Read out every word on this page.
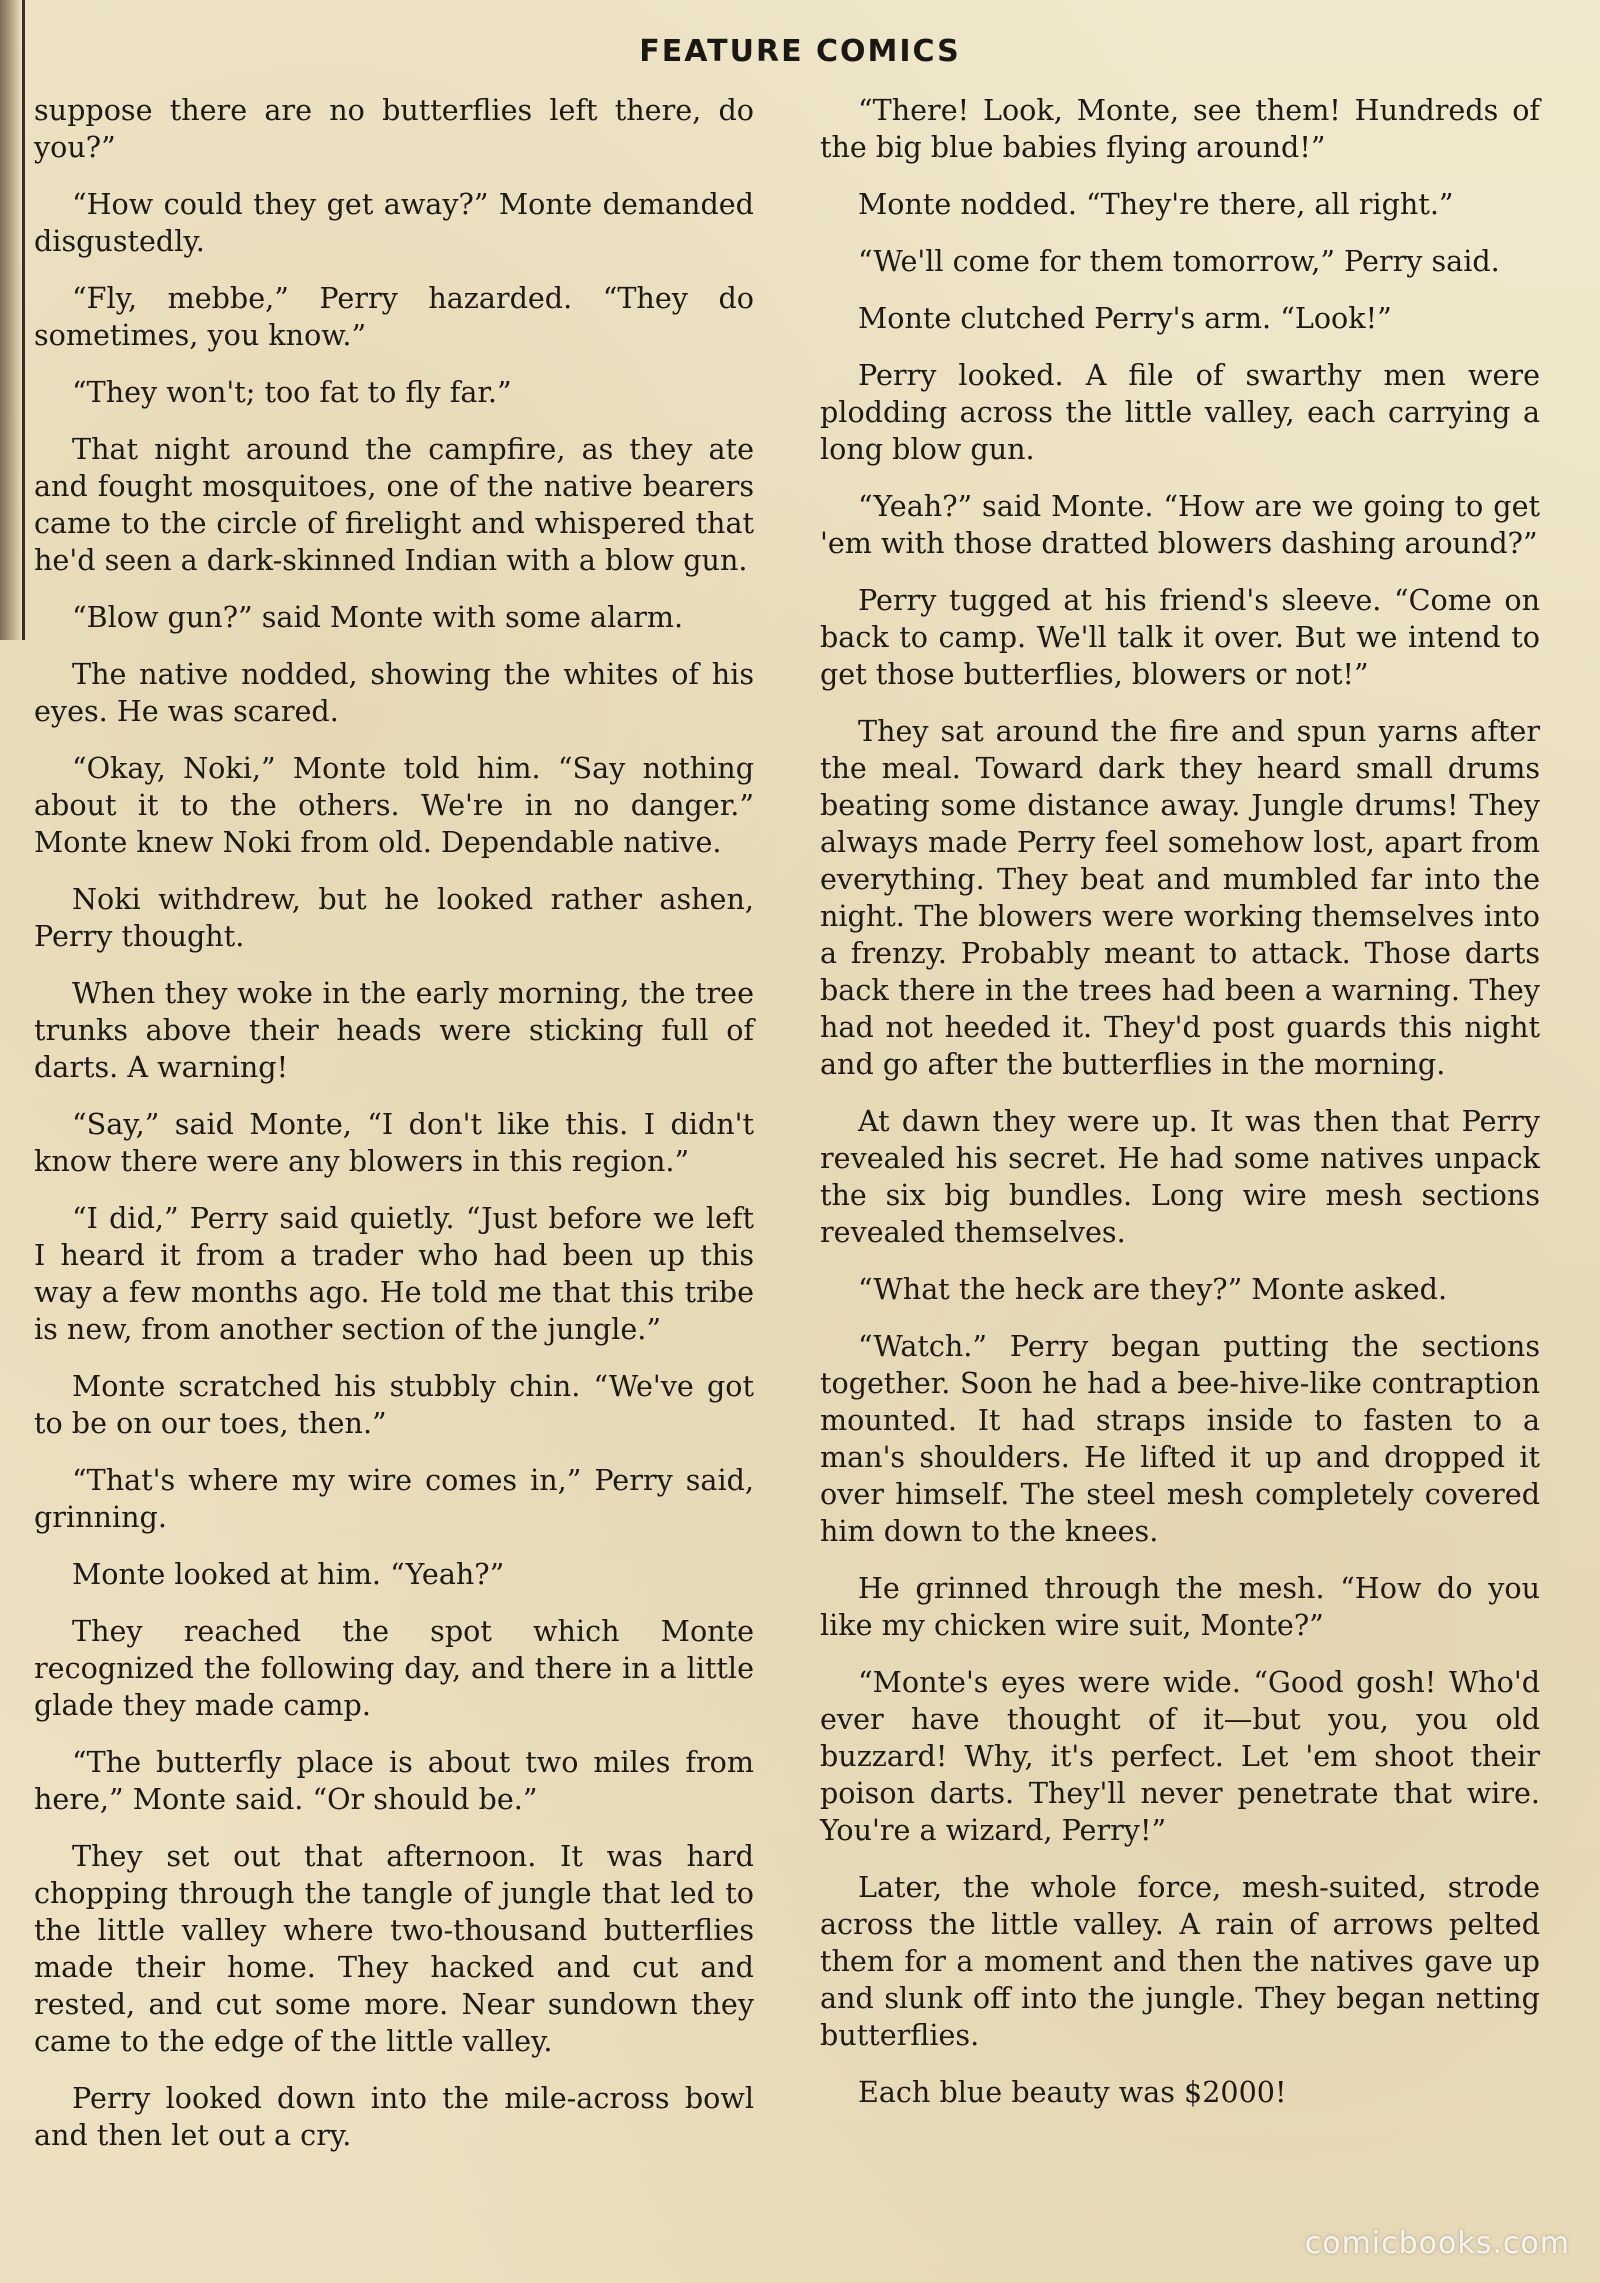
FEATURE COMICS

suppose there are no butterflies left there, do you?”

“How could they get away?” Monte demanded disgustedly.

“Fly, mebbe,” Perry hazarded. “They do sometimes, you know.”

“They won't; too fat to fly far.”

That night around the campfire, as they ate and fought mosquitoes, one of the native bearers came to the circle of firelight and whispered that he'd seen a dark-skinned Indian with a blow gun.

“Blow gun?” said Monte with some alarm.

The native nodded, showing the whites of his eyes. He was scared.

“Okay, Noki,” Monte told him. “Say nothing about it to the others. We're in no danger.” Monte knew Noki from old. Dependable native.

Noki withdrew, but he looked rather ashen, Perry thought.

When they woke in the early morning, the tree trunks above their heads were sticking full of darts. A warning!

“Say,” said Monte, “I don't like this. I didn't know there were any blowers in this region.”

“I did,” Perry said quietly. “Just before we left I heard it from a trader who had been up this way a few months ago. He told me that this tribe is new, from another section of the jungle.”

Monte scratched his stubbly chin. “We've got to be on our toes, then.”

“That's where my wire comes in,” Perry said, grinning.

Monte looked at him. “Yeah?”

They reached the spot which Monte recognized the following day, and there in a little glade they made camp.

“The butterfly place is about two miles from here,” Monte said. “Or should be.”

They set out that afternoon. It was hard chopping through the tangle of jungle that led to the little valley where two-thousand butterflies made their home. They hacked and cut and rested, and cut some more. Near sundown they came to the edge of the little valley.

Perry looked down into the mile-across bowl and then let out a cry.

“There! Look, Monte, see them! Hundreds of the big blue babies flying around!”

Monte nodded. “They're there, all right.”

“We'll come for them tomorrow,” Perry said.

Monte clutched Perry's arm. “Look!”

Perry looked. A file of swarthy men were plodding across the little valley, each carrying a long blow gun.

“Yeah?” said Monte. “How are we going to get 'em with those dratted blowers dashing around?”

Perry tugged at his friend's sleeve. “Come on back to camp. We'll talk it over. But we intend to get those butterflies, blowers or not!”

They sat around the fire and spun yarns after the meal. Toward dark they heard small drums beating some distance away. Jungle drums! They always made Perry feel somehow lost, apart from everything. They beat and mumbled far into the night. The blowers were working themselves into a frenzy. Probably meant to attack. Those darts back there in the trees had been a warning. They had not heeded it. They'd post guards this night and go after the butterflies in the morning.

At dawn they were up. It was then that Perry revealed his secret. He had some natives unpack the six big bundles. Long wire mesh sections revealed themselves.

“What the heck are they?” Monte asked.

“Watch.” Perry began putting the sections together. Soon he had a bee-hive-like contraption mounted. It had straps inside to fasten to a man's shoulders. He lifted it up and dropped it over himself. The steel mesh completely covered him down to the knees.

He grinned through the mesh. “How do you like my chicken wire suit, Monte?”

“Monte's eyes were wide. “Good gosh! Who'd ever have thought of it—but you, you old buzzard! Why, it's perfect. Let 'em shoot their poison darts. They'll never penetrate that wire. You're a wizard, Perry!”

Later, the whole force, mesh-suited, strode across the little valley. A rain of arrows pelted them for a moment and then the natives gave up and slunk off into the jungle. They began netting butterflies.

Each blue beauty was $2000!

comicbooks.com
